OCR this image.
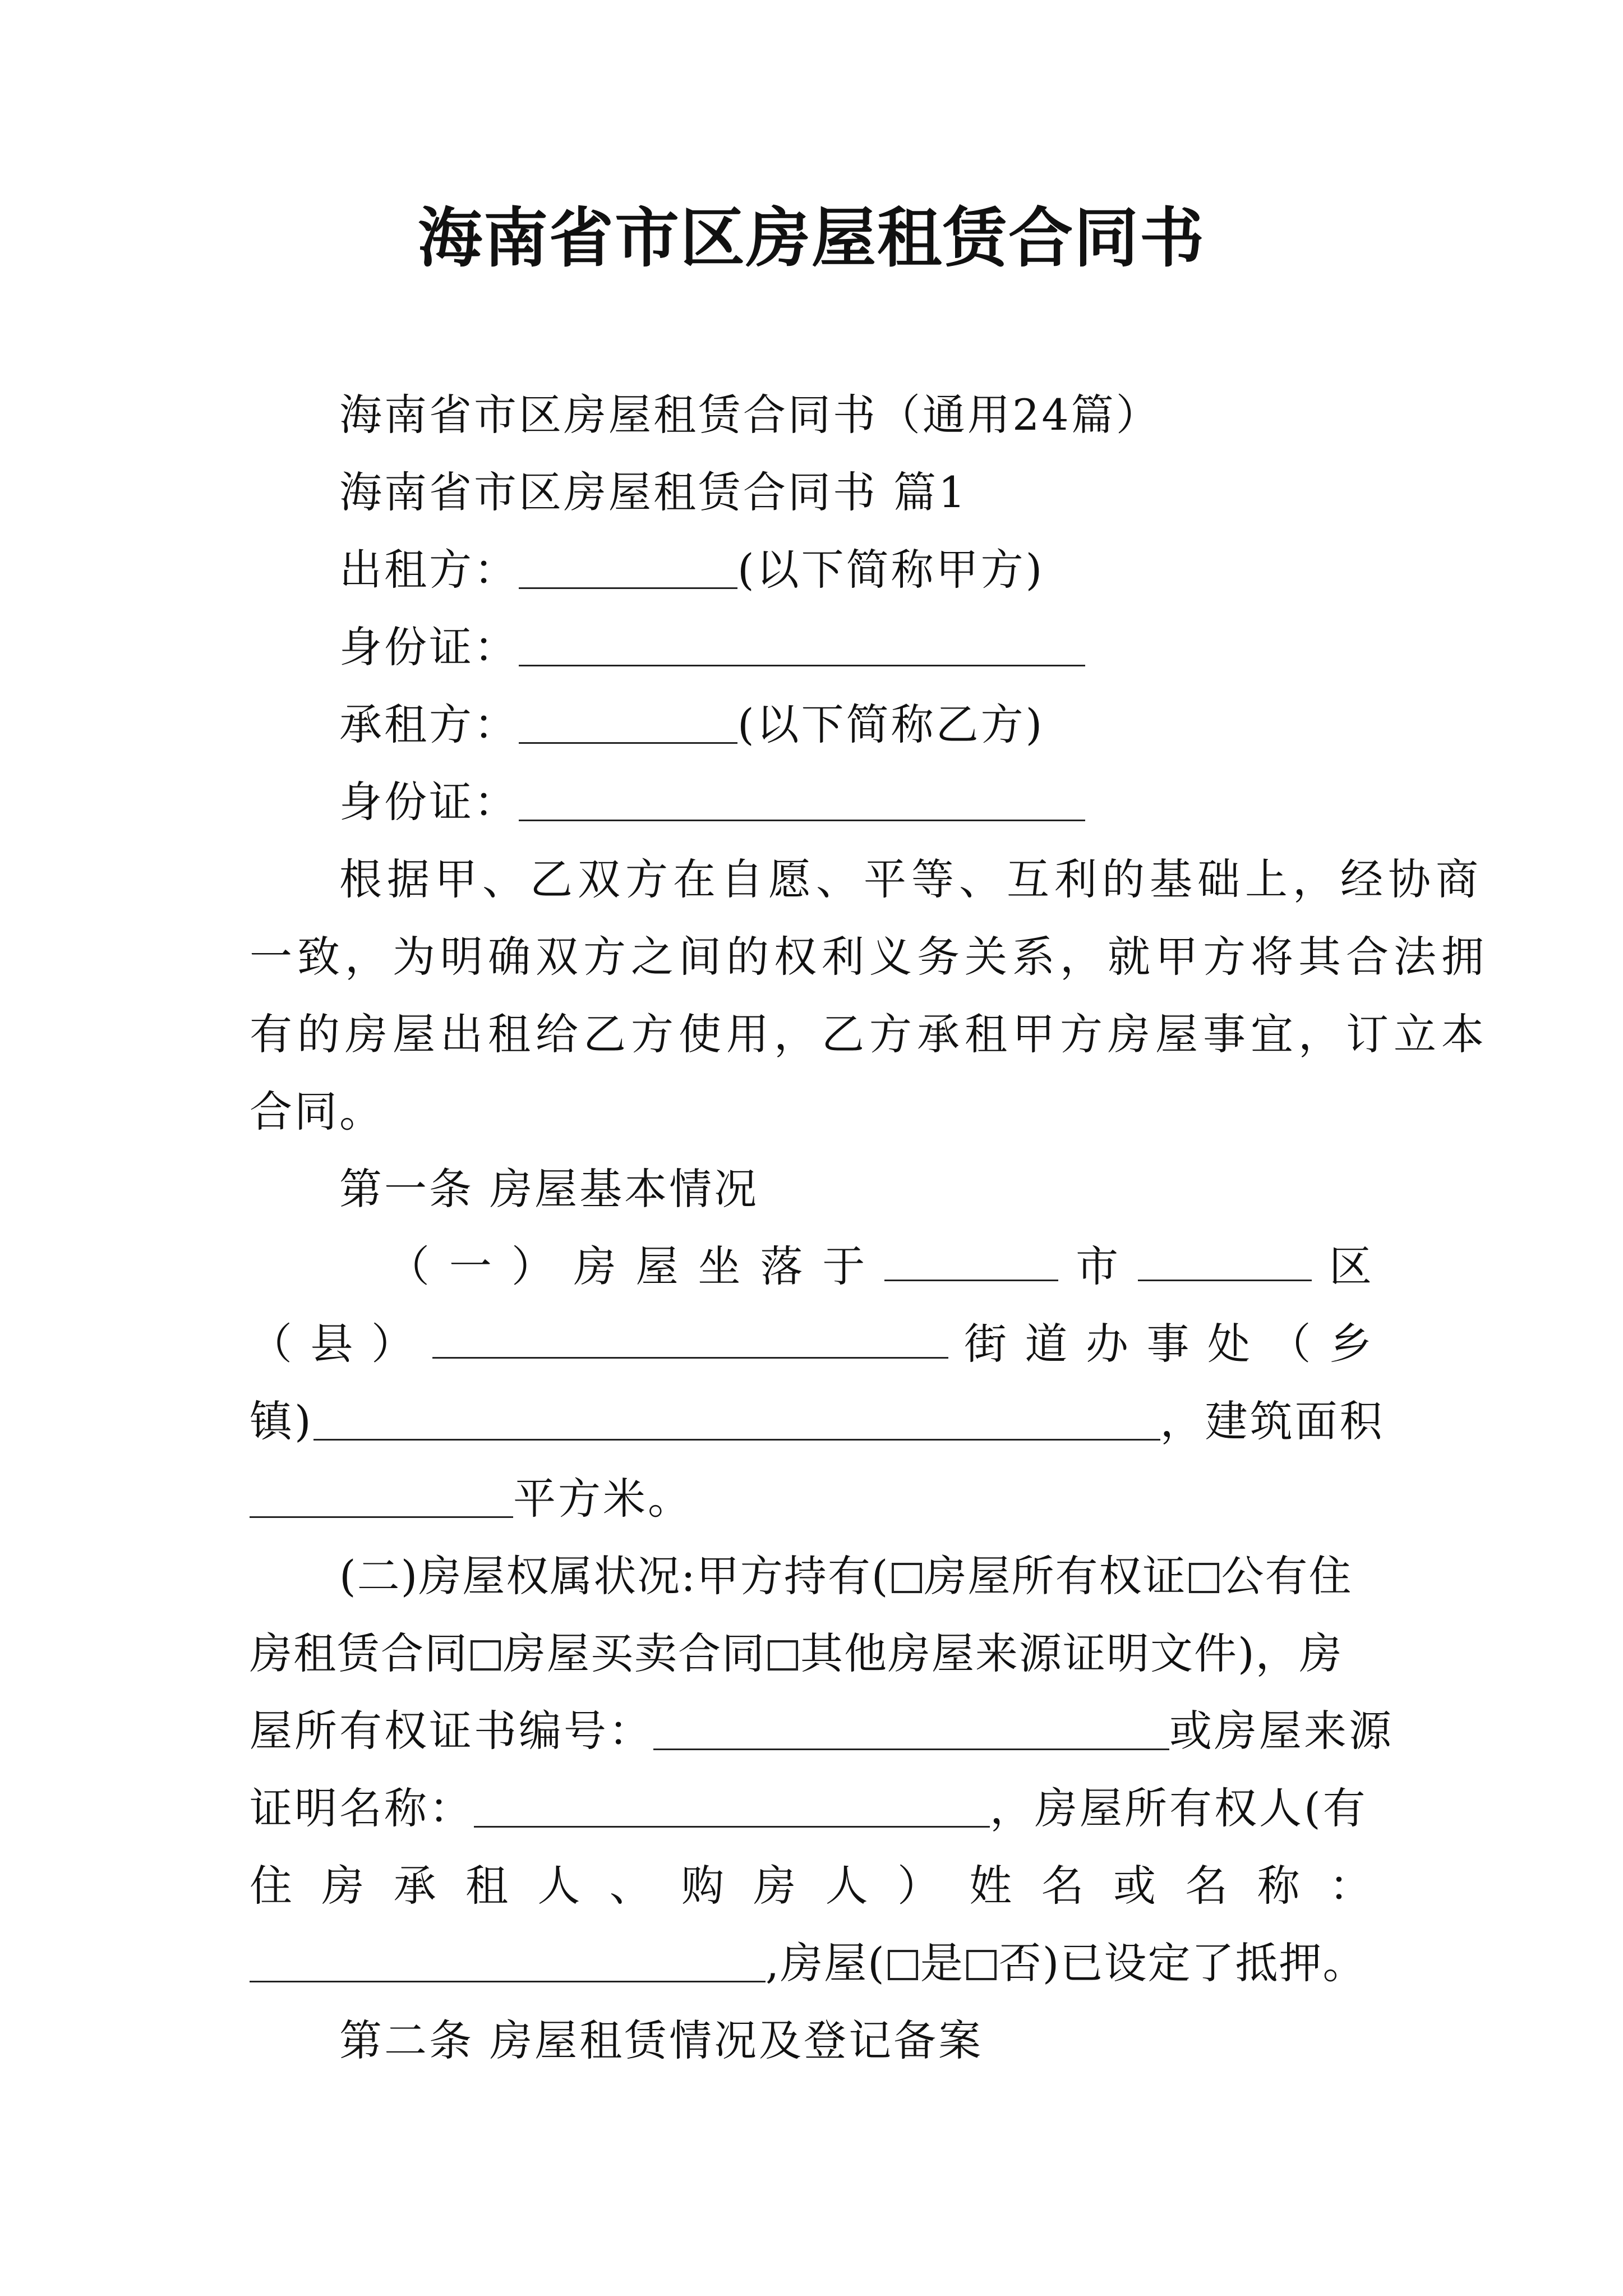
海南省市区房屋租赁合同书
海南省市区房屋租赁合同书（通用24篇）
海南省市区房屋租赁合同书 篇1
出租方：	(以下简称甲方)
身份证：
承租方：	(以下简称乙方)
身份证：
根据甲、乙双方在自愿、平等、互利的基础上，经协商
一致，为明确双方之间的权利义务关系，就甲方将其合法拥
有的房屋出租给乙方使用，乙方承租甲方房屋事宜，订立本
合同。
第一条 房屋基本情况
（ 一 ） 房 屋 坐 落 于	市	区
（ 县 ）	街 道 办 事 处 （ 乡
镇)	，建筑面积
平方米。
(二)房屋权属状况:甲方持有( 房屋所有权证 公有住
房租赁合同 房屋买卖合同 其他房屋来源证明文件)，房
屋所有权证书编号：	或房屋来源
证明名称：	，房屋所有权人(有
住 房 承 租 人 、 购 房 人 ） 姓 名 或 名 称 ：
,房屋( 是 否)已设定了抵押。
第二条 房屋租赁情况及登记备案
